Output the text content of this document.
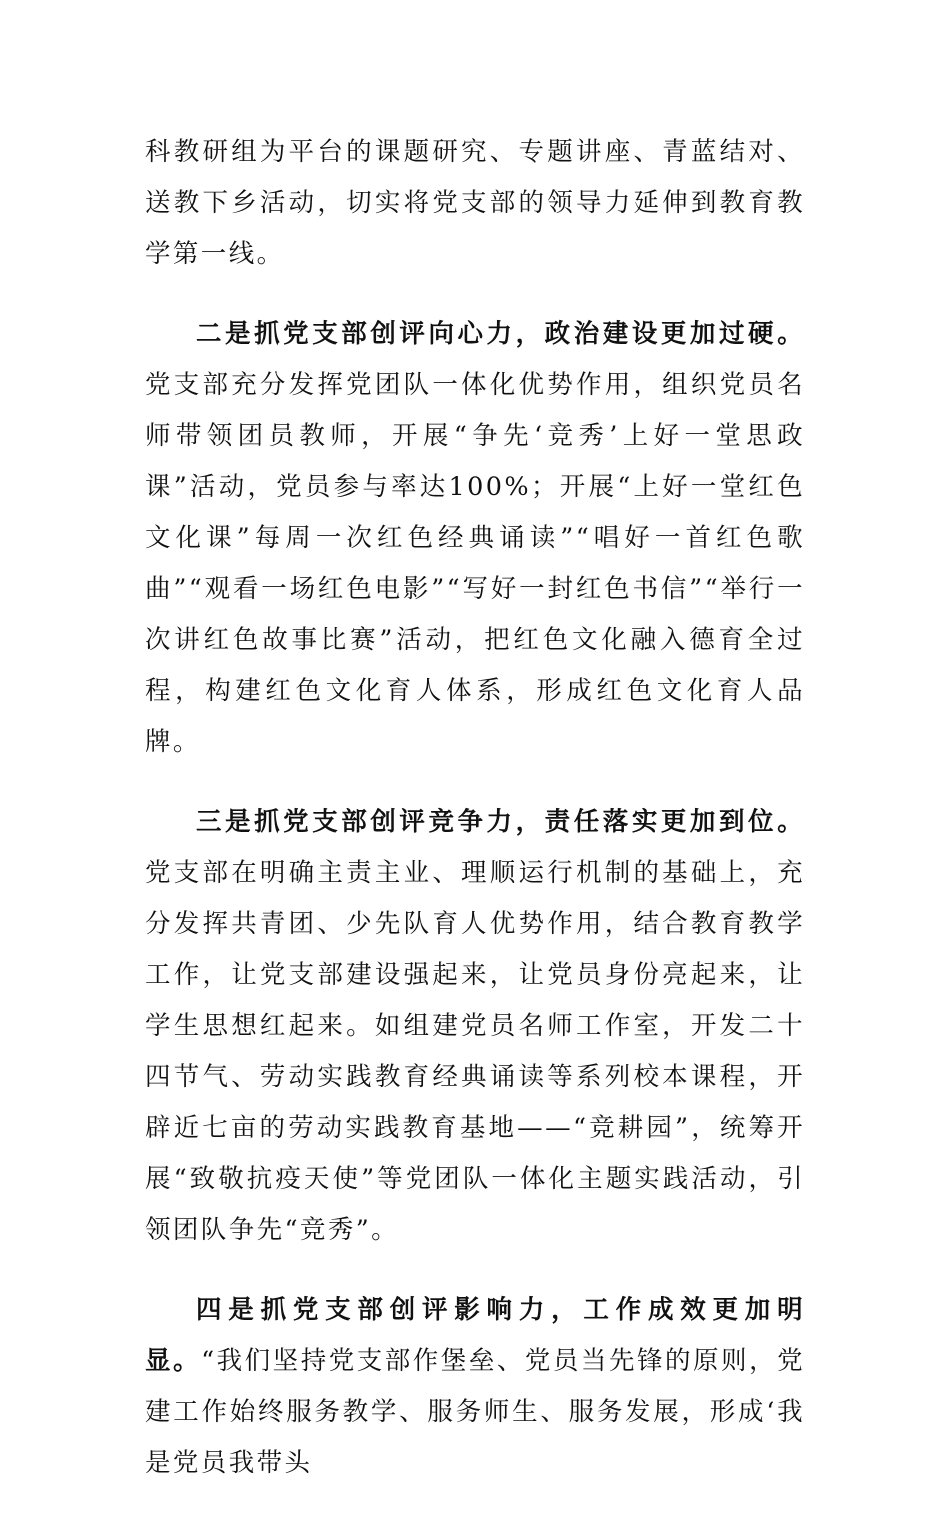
科教研组为平台的课题研究、专题讲座、青蓝结对、送教下乡活动，切实将党支部的领导力延伸到教育教学第一线。

二是抓党支部创评向心力，政治建设更加过硬。党支部充分发挥党团队一体化优势作用，组织党员名师带领团员教师，开展“争先‘竞秀’上好一堂思政课”活动，党员参与率达100%；开展“上好一堂红色文化课”每周一次红色经典诵读”“唱好一首红色歌曲”“观看一场红色电影”“写好一封红色书信”“举行一次讲红色故事比赛”活动，把红色文化融入德育全过程，构建红色文化育人体系，形成红色文化育人品牌。

三是抓党支部创评竞争力，责任落实更加到位。党支部在明确主责主业、理顺运行机制的基础上，充分发挥共青团、少先队育人优势作用，结合教育教学工作，让党支部建设强起来，让党员身份亮起来，让学生思想红起来。如组建党员名师工作室，开发二十四节气、劳动实践教育经典诵读等系列校本课程，开辟近七亩的劳动实践教育基地——“竞耕园”，统筹开展“致敬抗疫天使”等党团队一体化主题实践活动，引领团队争先“竞秀”。

四是抓党支部创评影响力，工作成效更加明显。“我们坚持党支部作堡垒、党员当先锋的原则，党建工作始终服务教学、服务师生、服务发展，形成‘我是党员我带头
